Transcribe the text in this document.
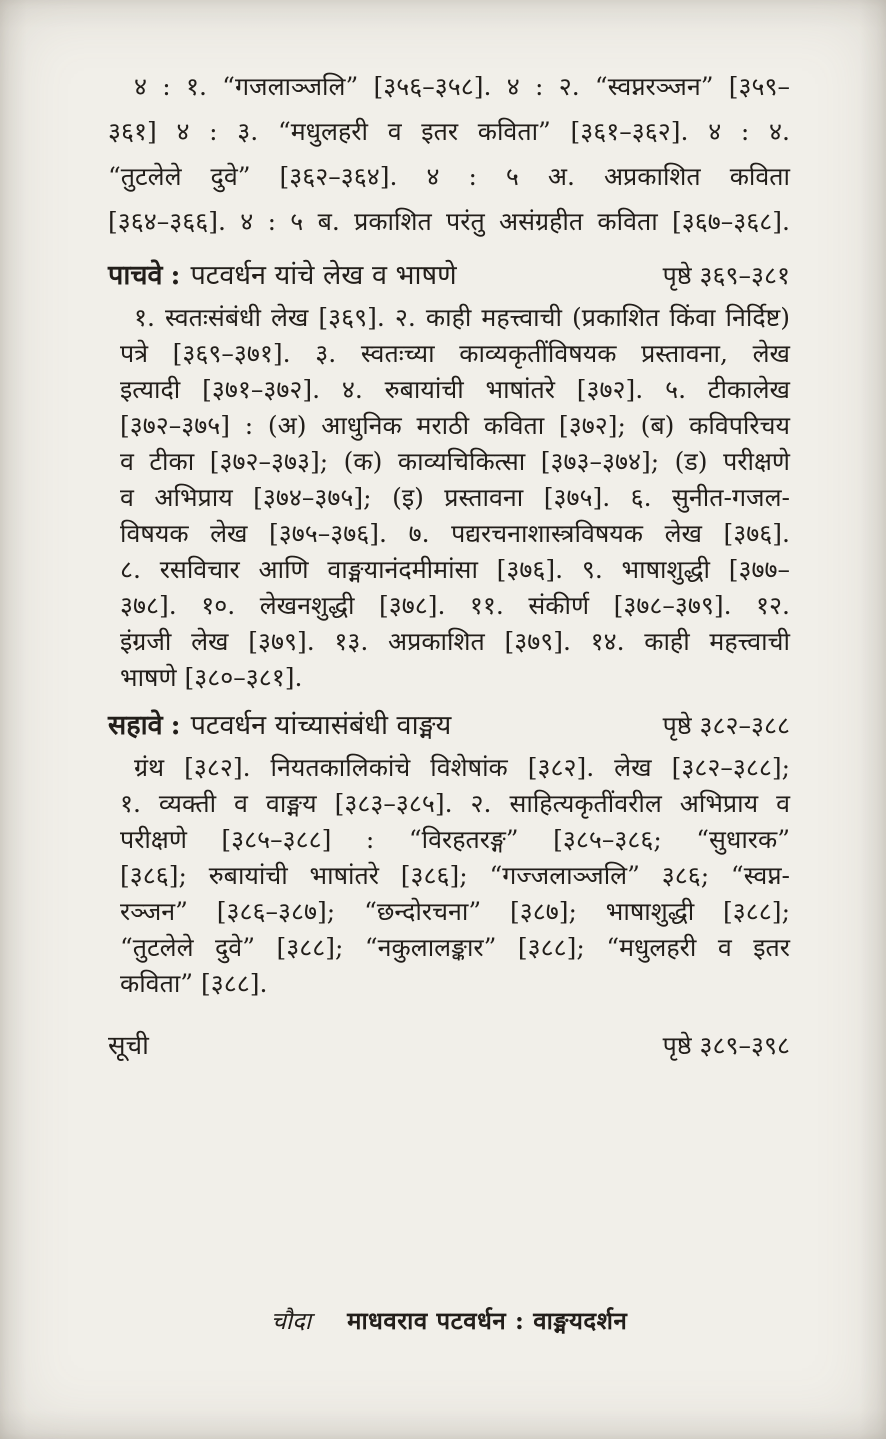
४ : १. “गजलाञ्जलि” [३५६–३५८]. ४ : २. “स्वप्नरञ्जन” [३५९–
३६१] ४ : ३. “मधुलहरी व इतर कविता” [३६१–३६२]. ४ : ४.
“तुटलेले दुवे” [३६२–३६४]. ४ : ५ अ. अप्रकाशित कविता
[३६४–३६६]. ४ : ५ ब. प्रकाशित परंतु असंग्रहीत कविता [३६७–३६८].
पाचवे : पटवर्धन यांचे लेख व भाषणे	पृष्ठे ३६९–३८१
१. स्वतःसंबंधी लेख [३६९]. २. काही महत्त्वाची (प्रकाशित किंवा निर्दिष्ट)
पत्रे [३६९–३७१]. ३. स्वतःच्या काव्यकृतींविषयक प्रस्तावना, लेख
इत्यादी [३७१–३७२]. ४. रुबायांची भाषांतरे [३७२]. ५. टीकालेख
[३७२–३७५] : (अ) आधुनिक मराठी कविता [३७२]; (ब) कविपरिचय
व टीका [३७२–३७३]; (क) काव्यचिकित्सा [३७३–३७४]; (ड) परीक्षणे
व अभिप्राय [३७४–३७५]; (इ) प्रस्तावना [३७५]. ६. सुनीत-गजल-
विषयक लेख [३७५–३७६]. ७. पद्यरचनाशास्त्रविषयक लेख [३७६].
८. रसविचार आणि वाङ्मयानंदमीमांसा [३७६]. ९. भाषाशुद्धी [३७७–
३७८]. १०. लेखनशुद्धी [३७८]. ११. संकीर्ण [३७८–३७९]. १२.
इंग्रजी लेख [३७९]. १३. अप्रकाशित [३७९]. १४. काही महत्त्वाची
भाषणे [३८०–३८१].
सहावे : पटवर्धन यांच्यासंबंधी वाङ्मय	पृष्ठे ३८२–३८८
ग्रंथ [३८२]. नियतकालिकांचे विशेषांक [३८२]. लेख [३८२–३८८];
१. व्यक्ती व वाङ्मय [३८३–३८५]. २. साहित्यकृतींवरील अभिप्राय व
परीक्षणे [३८५–३८८] : “विरहतरङ्ग” [३८५–३८६; “सुधारक”
[३८६]; रुबायांची भाषांतरे [३८६]; “गज्जलाञ्जलि” ३८६; “स्वप्न-
रञ्जन” [३८६–३८७]; “छन्दोरचना” [३८७]; भाषाशुद्धी [३८८];
“तुटलेले दुवे” [३८८]; “नकुलालङ्कार” [३८८]; “मधुलहरी व इतर
कविता” [३८८].
सूची	पृष्ठे ३८९–३९८
चौदा माधवराव पटवर्धन : वाङ्मयदर्शन
